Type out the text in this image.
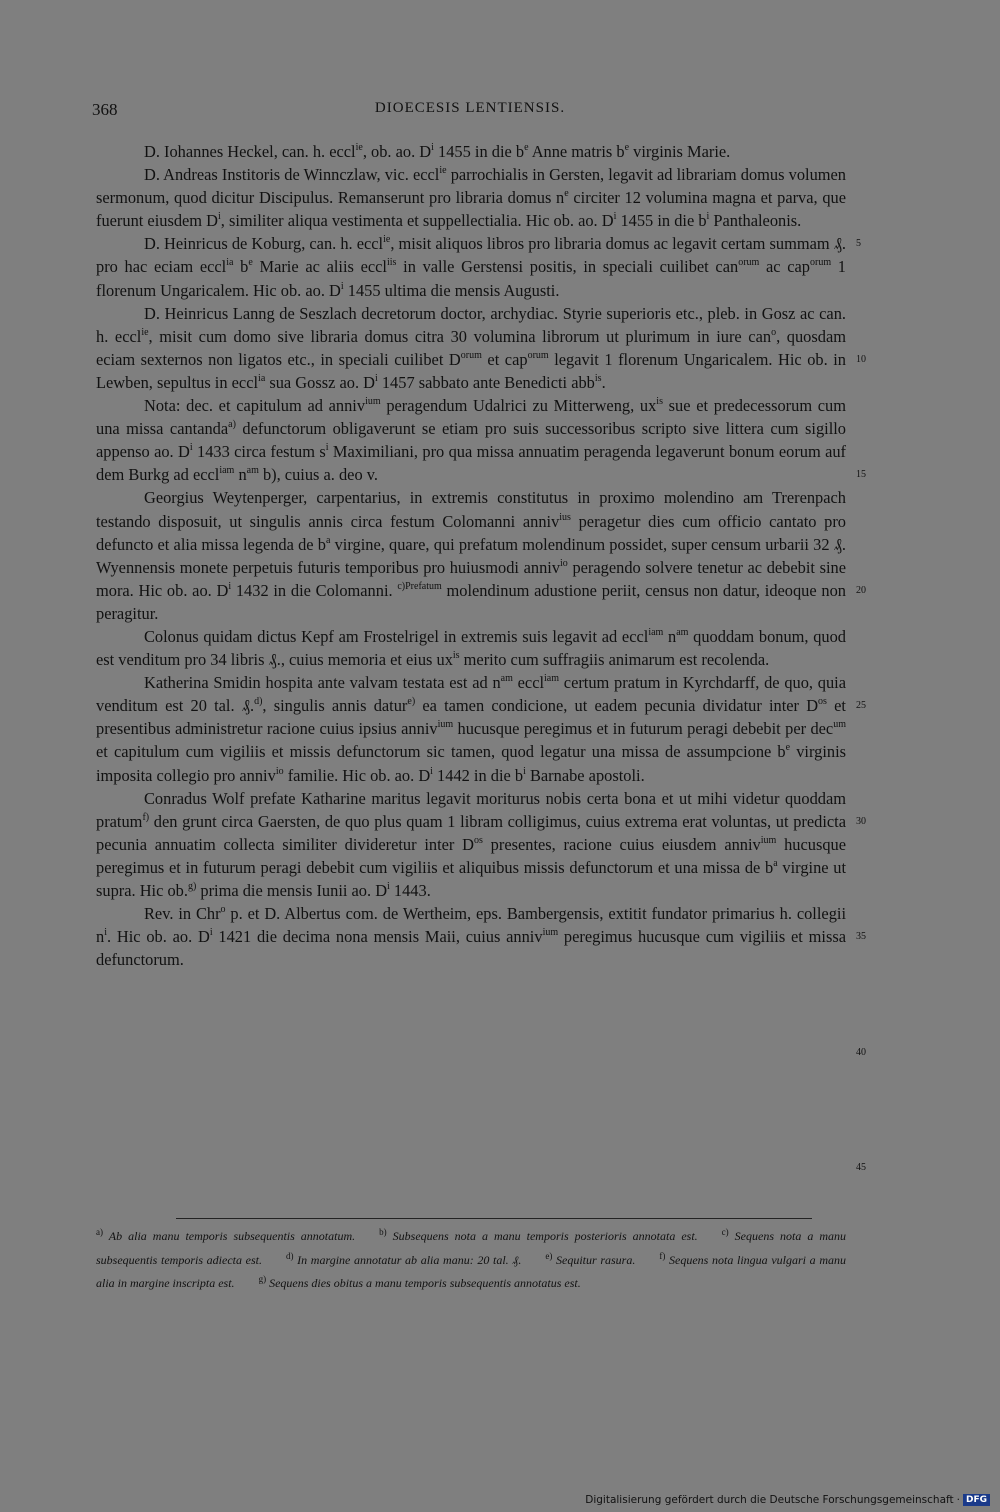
368	DIOECESIS LENTIENSIS.

D. Iohannes Heckel, can. h. eccl$^{ie}$, ob. ao. $D^i$ 1455 in die $b^e$ Anne matris $b^e$ virginis Marie.

D. Andreas Institoris de Winnczlaw, vic. eccl$^{ie}$ parrochialis in Gersten, legavit ad librariam domus volumen sermonum, quod dicitur Discipulus. Remanserunt pro libraria domus $n^e$ circiter 12 volumina magna et parva, que fuerunt eiusdem $D^i$, similiter aliqua vestimenta et suppellectialia. Hic ob. ao. $D^i$ 1455 in die $b^i$ Panthaleonis.

D. Heinricus de Koburg, can. h. eccl$^{ie}$, misit aliquos libros pro libraria domus ac legavit certam summam ₰. pro hac eciam eccl$^{ia}$ $b^e$ Marie ac aliis eccl$^{iis}$ in valle Gerstensi positis, in speciali cuilibet can$^{orum}$ ac cap$^{orum}$ 1 florenum Ungaricalem. Hic ob. ao. $D^i$ 1455 ultima die mensis Augusti.

D. Heinricus Lanng de Seszlach decretorum doctor, archydiac. Styrie superioris etc., pleb. in Gosz ac can. h. eccl$^{ie}$, misit cum domo sive libraria domus citra 30 volumina librorum ut plurimum in iure can$^o$, quosdam eciam sexternos non ligatos etc., in speciali cuilibet $D^{orum}$ et cap$^{orum}$ legavit 1 florenum Ungaricalem. Hic ob. in Lewben, sepultus in eccl$^{ia}$ sua Gossz ao. $D^i$ 1457 sabbato ante Benedicti abb$^{is}$.

Nota: dec. et capitulum ad anniv$^{ium}$ peragendum Udalrici zu Mitterweng, $ux^{is}$ sue et predecessorum cum una missa cantanda$^{a)}$ defunctorum obligaverunt se etiam pro suis successoribus scripto sive littera cum sigillo appenso ao. $D^i$ 1433 circa festum $s^i$ Maximiliani, pro qua missa annuatim peragenda legaverunt bonum eorum auf dem Burkg ad eccl$^{iam}$ $n^{am}$ b), cuius a. deo v.

Georgius Weytenperger, carpentarius, in extremis constitutus in proximo molendino am Trerenpach testando disposuit, ut singulis annis circa festum Colomanni anniv$^{ius}$ peragetur dies cum officio cantato pro defuncto et alia missa legenda de $b^a$ virgine, quare, qui prefatum molendinum possidet, super censum urbarii 32 ₰. Wyennensis monete perpetuis futuris temporibus pro huiusmodi anniv$^{io}$ peragendo solvere tenetur ac debebit sine mora. Hic ob. ao. $D^i$ 1432 in die Colomanni. $^{c)Prefatum}$ molendinum adustione periit, census non datur, ideoque non peragitur.

Colonus quidam dictus Kepf am Frostelrigel in extremis suis legavit ad eccl$^{iam}$ $n^{am}$ quoddam bonum, quod est venditum pro 34 libris ₰., cuius memoria et eius $ux^{is}$ merito cum suffragiis animarum est recolenda.

Katherina Smidin hospita ante valvam testata est ad $n^{am}$ eccl$^{iam}$ certum pratum in Kyrchdarff, de quo, quia venditum est 20 tal. ₰.$^{d)}$, singulis annis datur$^{e)}$ ea tamen condicione, ut eadem pecunia dividatur inter $D^{os}$ et presentibus administretur racione cuius ipsius anniv$^{ium}$ hucusque peregimus et in futurum peragi debebit per dec$^{um}$ et capitulum cum vigiliis et missis defunctorum sic tamen, quod legatur una missa de assumpcione $b^e$ virginis imposita collegio pro anniv$^{io}$ familie. Hic ob. ao. $D^i$ 1442 in die $b^i$ Barnabe apostoli.

Conradus Wolf prefate Katharine maritus legavit moriturus nobis certa bona et ut mihi videtur quoddam pratum$^{f)}$ den grunt circa Gaersten, de quo plus quam 1 libram colligimus, cuius extrema erat voluntas, ut predicta pecunia annuatim collecta similiter divideretur inter $D^{os}$ presentes, racione cuius eiusdem anniv$^{ium}$ hucusque peregimus et in futurum peragi debebit cum vigiliis et aliquibus missis defunctorum et una missa de $b^a$ virgine ut supra. Hic ob.$^{g)}$ prima die mensis Iunii ao. $D^i$ 1443.

Rev. in Chr$^o$ p. et D. Albertus com. de Wertheim, eps. Bambergensis, extitit fundator primarius h. collegii $n^i$. Hic ob. ao. $D^i$ 1421 die decima nona mensis Maii, cuius anniv$^{ium}$ peregimus hucusque cum vigiliis et missa defunctorum.

5
10
15
20
25
30
35
40
45
$^{a)}$ Ab alia manu temporis subsequentis annotatum.  $^{b)}$ Subsequens nota a manu temporis posterioris annotata est.  $^{c)}$ Sequens nota a manu subsequentis temporis adiecta est.  $^{d)}$ In margine annotatur ab alia manu: 20 tal. ₰.  $^{e)}$ Sequitur rasura.  $^{f)}$ Sequens nota lingua vulgari a manu alia in margine inscripta est.  $^{g)}$ Sequens dies obitus a manu temporis subsequentis annotatus est.  
Digitalisierung gefördert durch die Deutsche Forschungsgemeinschaft · DFG
